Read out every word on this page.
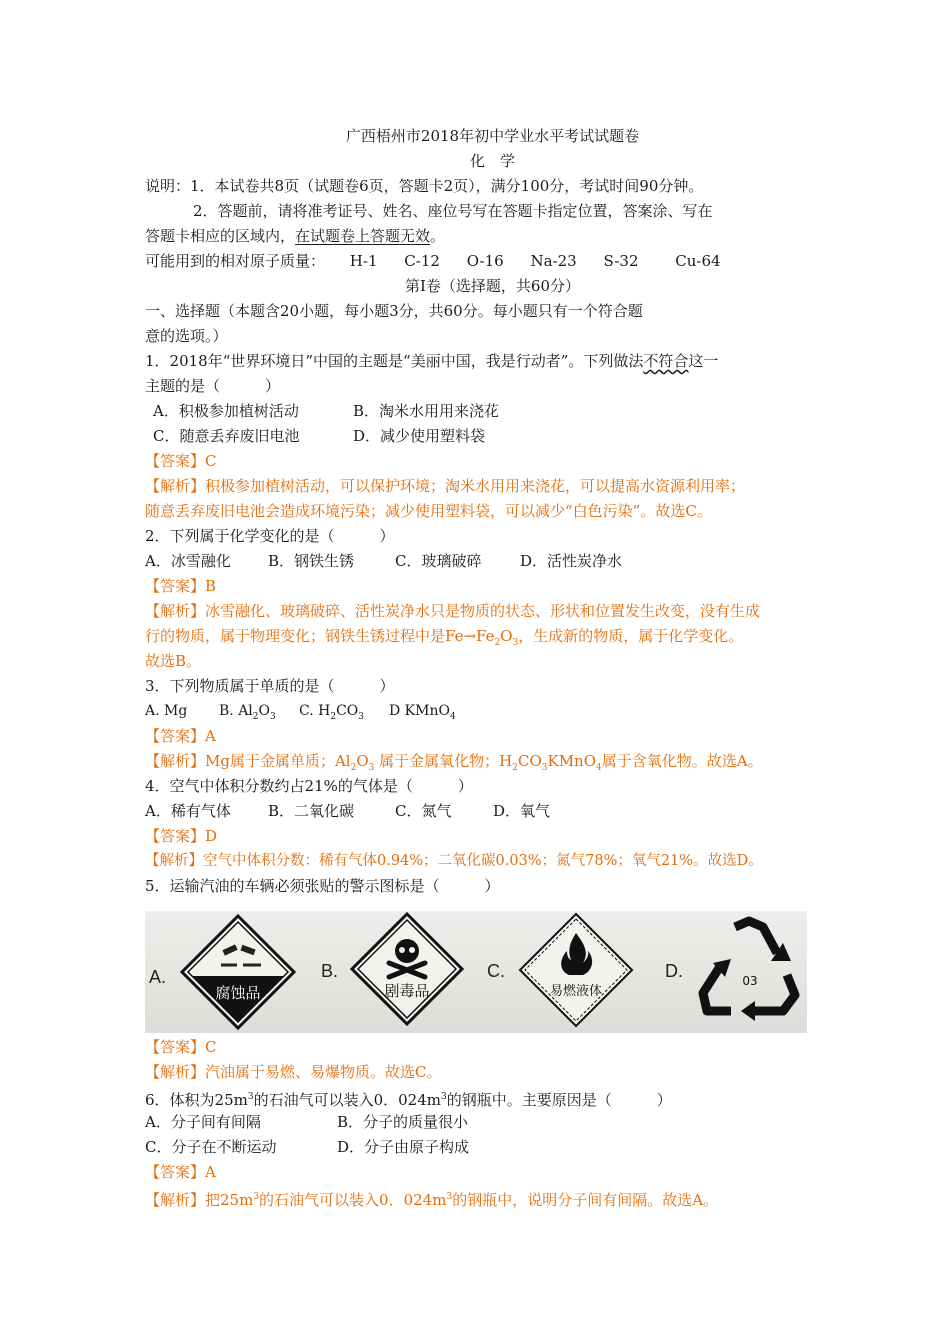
广西梧州市2018年初中学业水平考试试题卷
化　学
说明：1．本试卷共8页（试题卷6页，答题卡2页），满分100分，考试时间90分钟。
2．答题前，请将准考证号、姓名、座位号写在答题卡指定位置，答案涂、写在
答题卡相应的区域内，在试题卷上答题无效。
可能用到的相对原子质量： H-1 C-12 O-16 Na-23 S-32 Cu-64
第Ⅰ卷（选择题，共60分）
一、选择题（本题含20小题，每小题3分，共60分。每小题只有一个符合题
意的选项。）
1．2018年“世界环境日”中国的主题是“美丽中国，我是行动者”。下列做法不符合这一
主题的是（　　　）
A．积极参加植树活动	B．淘米水用用来浇花
C．随意丢弃废旧电池	D．减少使用塑料袋
【答案】C
【解析】积极参加植树活动，可以保护环境；淘米水用用来浇花，可以提高水资源利用率；
随意丢弃废旧电池会造成环境污染；减少使用塑料袋，可以减少“白色污染”。故选C。
2．下列属于化学变化的是（　　　）
A．冰雪融化 B．钢铁生锈	C．玻璃破碎	D．活性炭净水
【答案】B
【解析】冰雪融化、玻璃破碎、活性炭净水只是物质的状态、形状和位置发生改变，没有生成
行的物质，属于物理变化；钢铁生锈过程中是$Fe\to Fe_2O_3$，生成新的物质，属于化学变化。
故选B。
3．下列物质属于单质的是（　　　）
A. Mg B. $Al_2O_3$ C. $H_2CO_3$ D KMnO$_4$
【答案】A
【解析】Mg属于金属单质；$Al_2O_3$ 属于金属氧化物；$H_2CO_3KMnO_4$属于含氧化物。故选A。
4．空气中体积分数约占21%的气体是（　　　）
A．稀有气体 B．二氧化碳	C．氮气	D．氧气
【答案】D
【解析】空气中体积分数：稀有气体0.94%；二氧化碳0.03%；氮气78%；氧气21%。故选D。
5．运输汽油的车辆必须张贴的警示图标是（　　　）
A.
腐蚀品
B.
剧毒品
C.
易燃液体
D.	03
【答案】C
【解析】汽油属于易燃、易爆物质。故选C。
6．体积为$25m^3$的石油气可以装入0．$024m^3$的钢瓶中。主要原因是（　　　）
A．分子间有间隔	B．分子的质量很小
C．分子在不断运动	D．分子由原子构成
【答案】A
【解析】把$25m^3$的石油气可以装入0．$024m^3$的钢瓶中，说明分子间有间隔。故选A。
